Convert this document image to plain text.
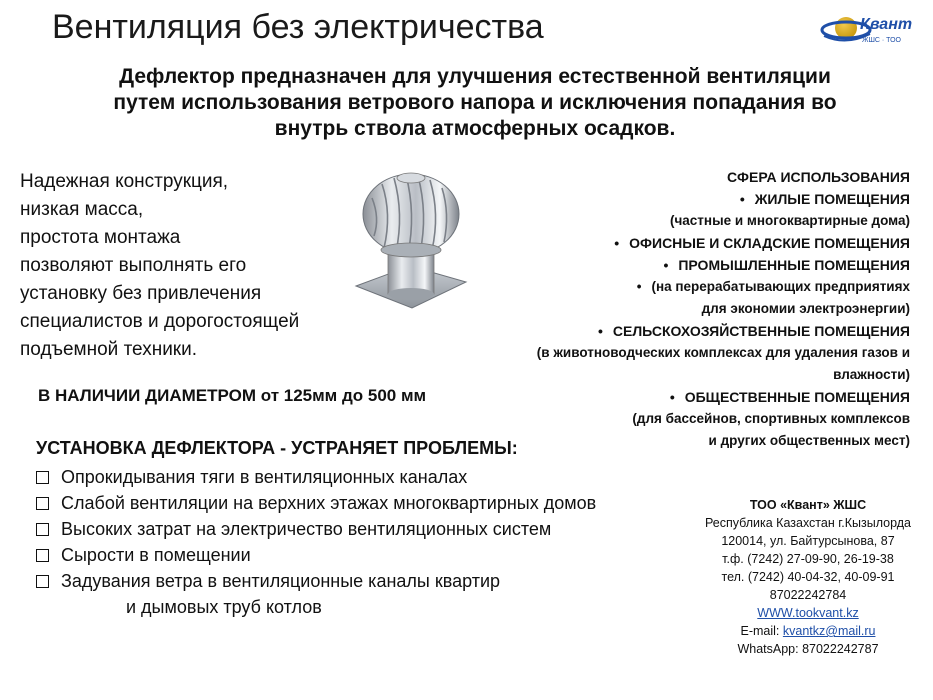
Вентиляция без электричества	Квант
ЖШС · ТОО
Дефлектор предназначен для улучшения естественной вентиляции
путем использования ветрового напора и исключения попадания во
внутрь ствола атмосферных осадков.
Надежная конструкция,
низкая масса,
простота монтажа
позволяют выполнять его
установку без привлечения
специалистов и дорогостоящей
подъемной техники.
СФЕРА ИСПОЛЬЗОВАНИЯ
• ЖИЛЫЕ ПОМЕЩЕНИЯ
(частные и многоквартирные дома)
• ОФИСНЫЕ И СКЛАДСКИЕ ПОМЕЩЕНИЯ
• ПРОМЫШЛЕННЫЕ ПОМЕЩЕНИЯ
• (на перерабатывающих предприятиях
для экономии электроэнергии)
• СЕЛЬСКОХОЗЯЙСТВЕННЫЕ ПОМЕЩЕНИЯ
(в животноводческих комплексах для удаления газов и
влажности)
• ОБЩЕСТВЕННЫЕ ПОМЕЩЕНИЯ
(для бассейнов, спортивных комплексов
и других общественных мест)
В НАЛИЧИИ ДИАМЕТРОМ от 125мм до 500 мм
УСТАНОВКА ДЕФЛЕКТОРА - УСТРАНЯЕТ ПРОБЛЕМЫ:
Опрокидывания тяги в вентиляционных каналах
Слабой вентиляции на верхних этажах многоквартирных домов
Высоких затрат на электричество вентиляционных систем
Сырости в помещении
Задувания ветра в вентиляционные каналы квартир
и дымовых труб котлов
ТОО «Квант» ЖШС
Республика Казахстан г.Кызылорда
120014, ул. Байтурсынова, 87
т.ф. (7242) 27-09-90, 26-19-38
тел. (7242) 40-04-32, 40-09-91
87022242784
WWW.tookvant.kz
E-mail: kvantkz@mail.ru
WhatsApp: 87022242787
